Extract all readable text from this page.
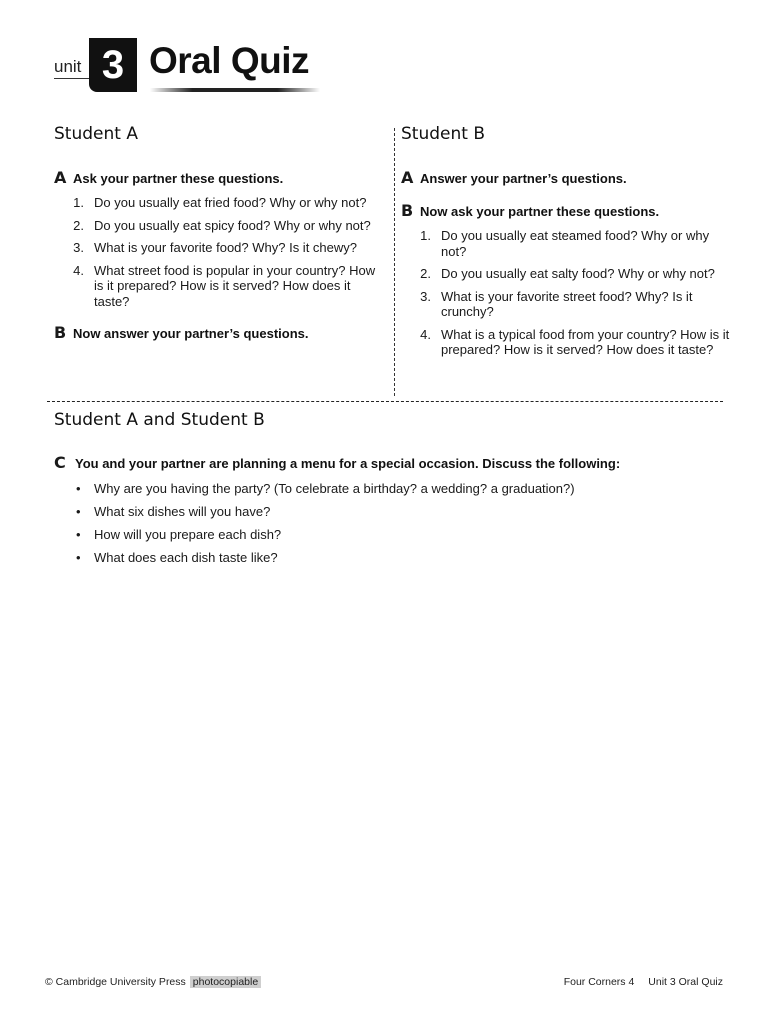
unit 3 Oral Quiz
Student A
A Ask your partner these questions.
1. Do you usually eat fried food? Why or why not?
2. Do you usually eat spicy food? Why or why not?
3. What is your favorite food? Why? Is it chewy?
4. What street food is popular in your country? How is it prepared? How is it served? How does it taste?
B Now answer your partner’s questions.
Student B
A Answer your partner’s questions.
B Now ask your partner these questions.
1. Do you usually eat steamed food? Why or why not?
2. Do you usually eat salty food? Why or why not?
3. What is your favorite street food? Why? Is it crunchy?
4. What is a typical food from your country? How is it prepared? How is it served? How does it taste?
Student A and Student B
C You and your partner are planning a menu for a special occasion. Discuss the following:
•	Why are you having the party? (To celebrate a birthday? a wedding? a graduation?)
•	What six dishes will you have?
•	How will you prepare each dish?
•	What does each dish taste like?
© Cambridge University Press photocopiable	Four Corners 4 Unit 3 Oral Quiz
